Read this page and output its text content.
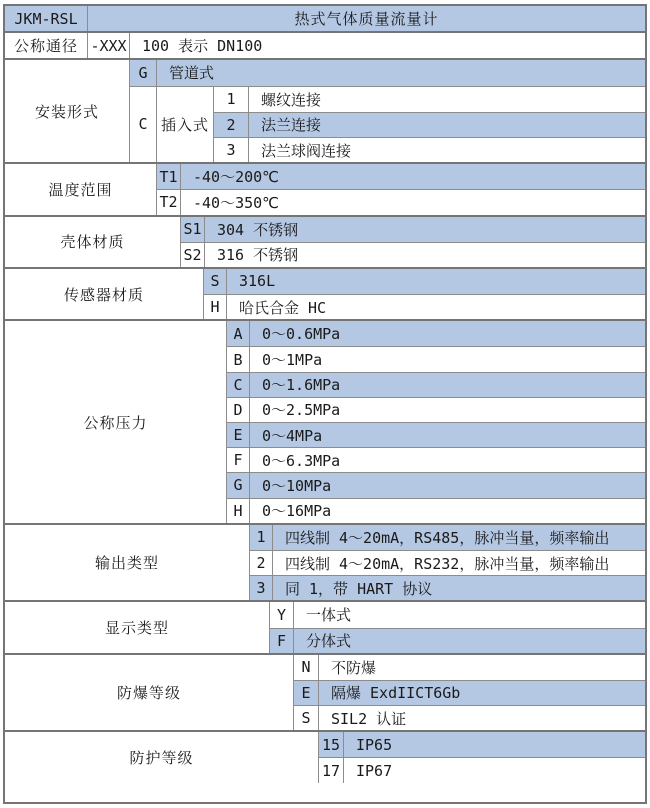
JKM-RSL	热式气体质量流量计
公称通径 -XXX	100 表示 DN100
安装形式
G	管道式
C 插入式
1	螺纹连接
2	法兰连接
3	法兰球阀连接
温度范围
T1	-40～200℃
T2	-40～350℃
壳体材质
S1	304 不锈钢
S2	316 不锈钢
传感器材质
S	316L
H	哈氏合金 HC
公称压力
A	0～0.6MPa
B	0～1MPa
C	0～1.6MPa
D	0～2.5MPa
E	0～4MPa
F	0～6.3MPa
G	0～10MPa
H	0～16MPa
输出类型
1	四线制 4～20mA，RS485，脉冲当量，频率输出
2	四线制 4～20mA，RS232，脉冲当量，频率输出
3	同 1，带 HART 协议
显示类型
Y	一体式
F	分体式
防爆等级
N	不防爆
E	隔爆 ExdIICT6Gb
S	SIL2 认证
防护等级
15	IP65
17	IP67
